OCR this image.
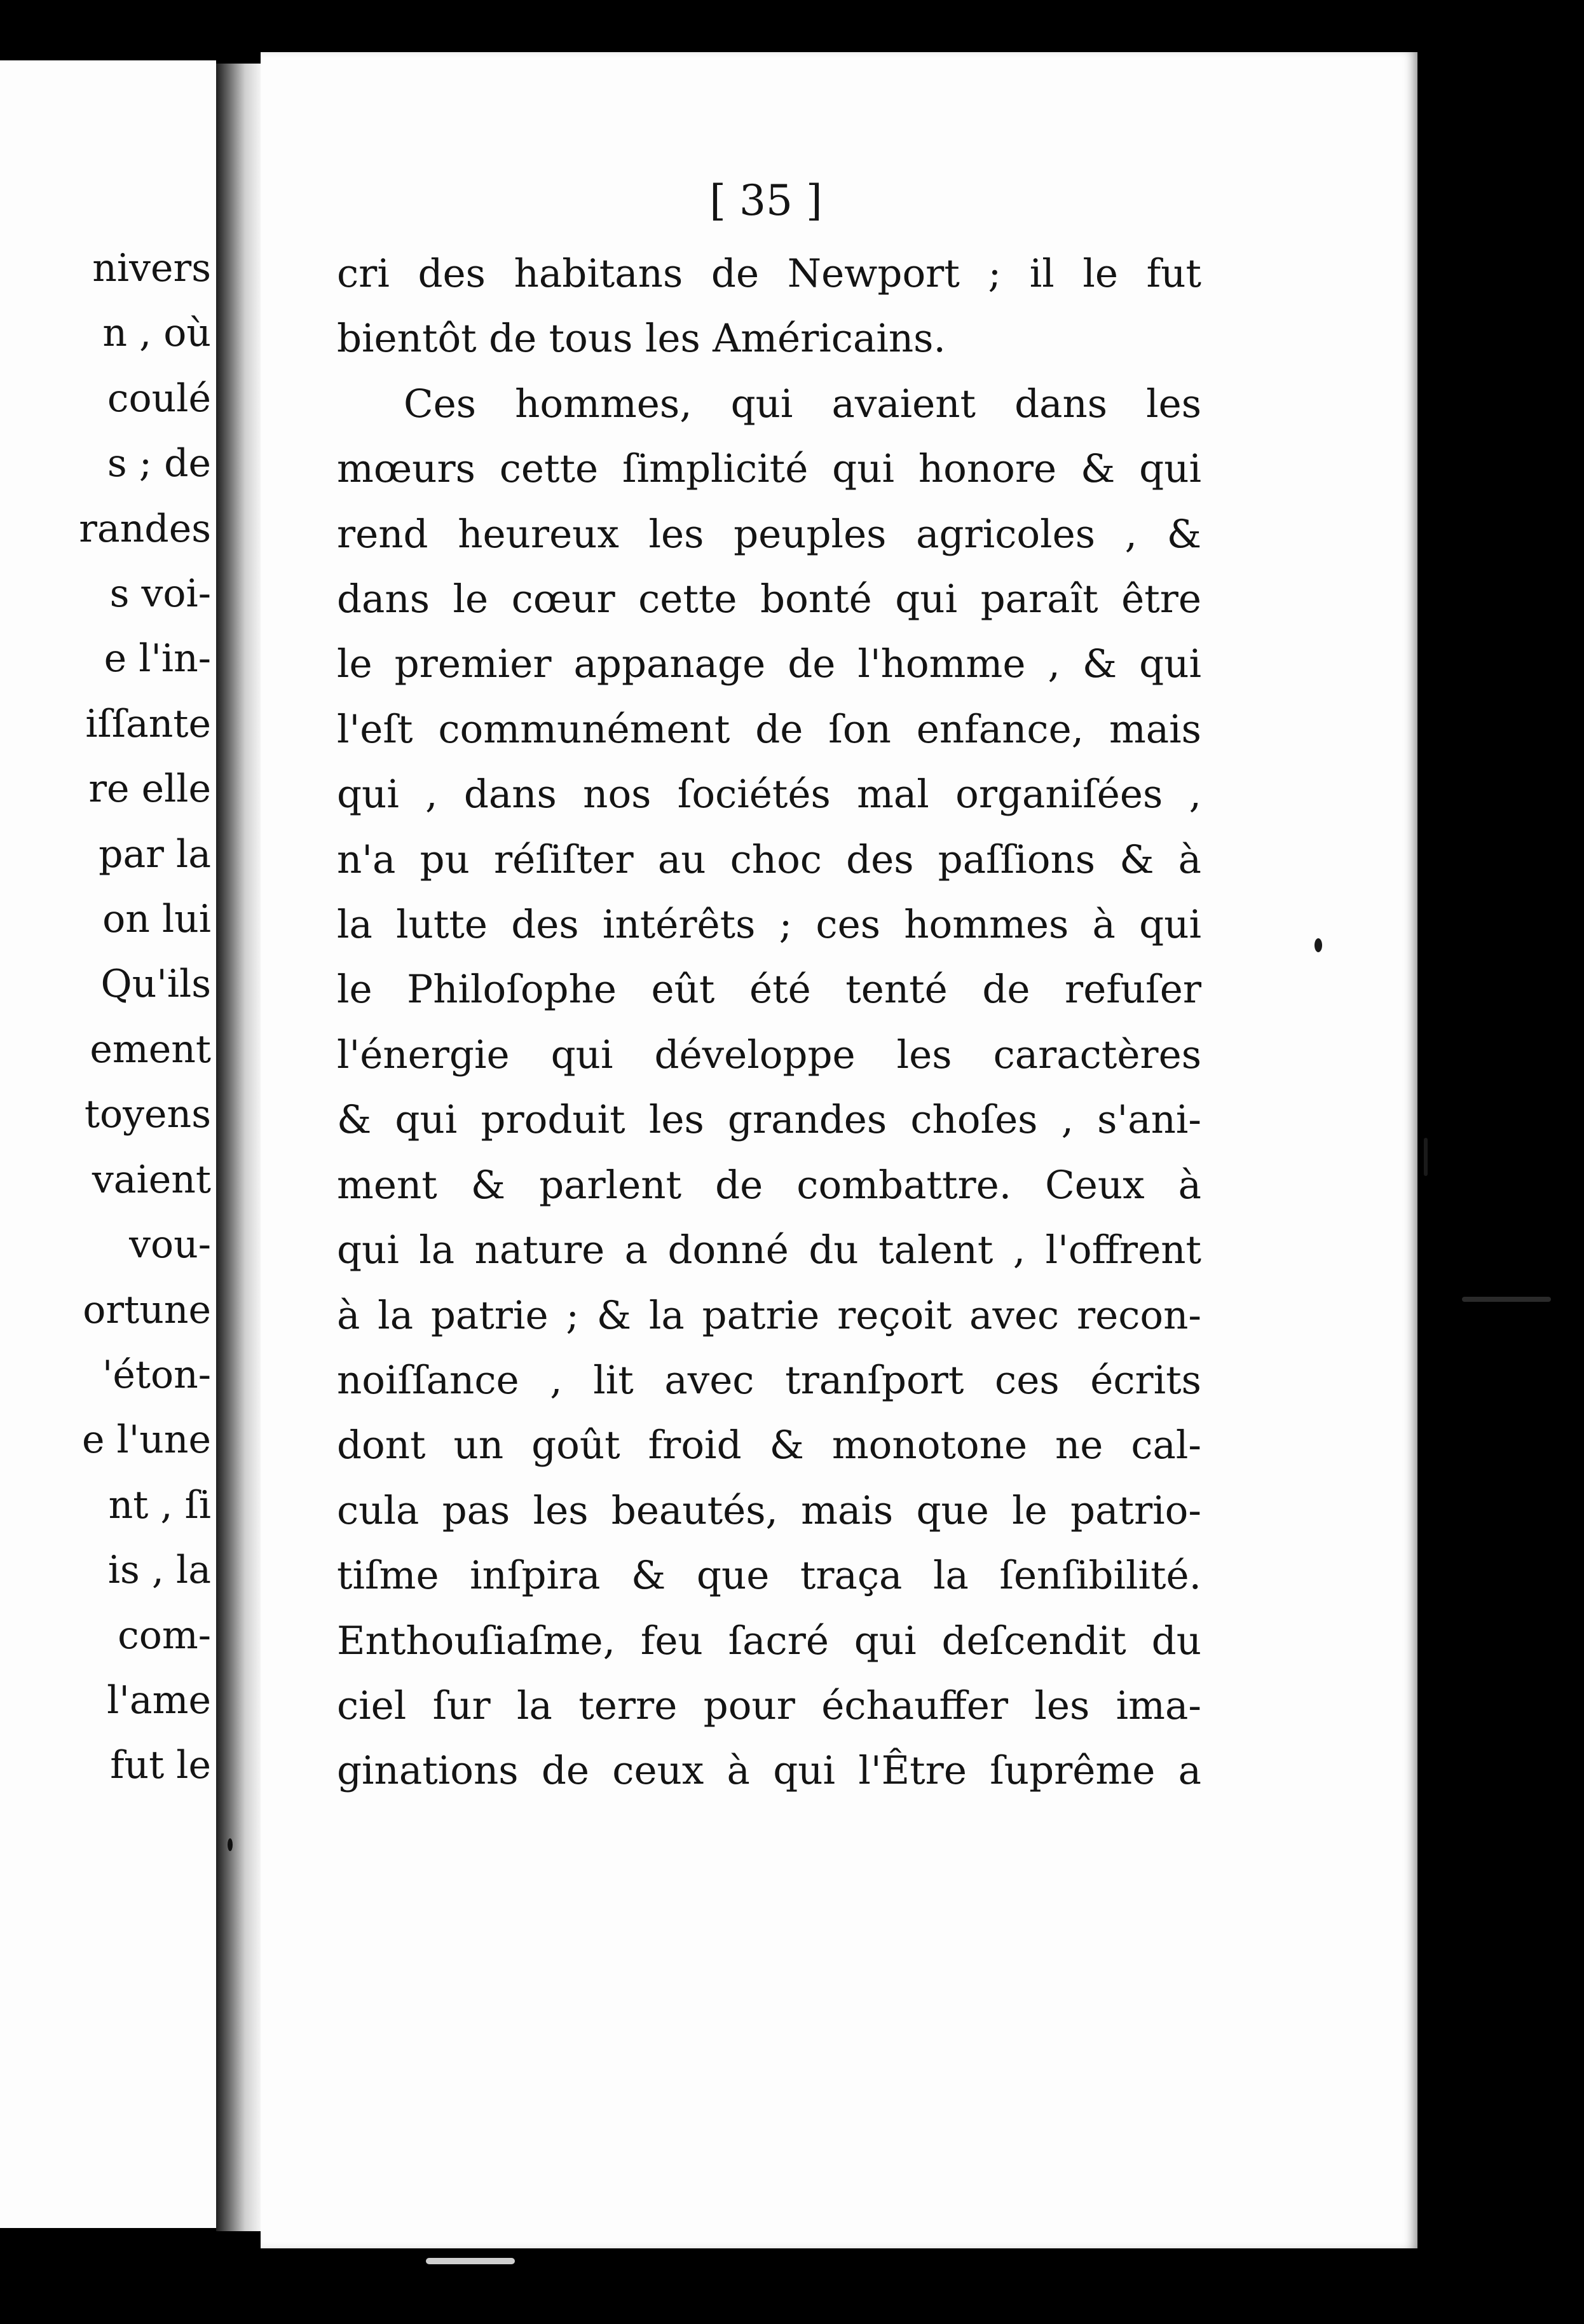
nivers
n , où
coulé
s ; de
randes
s voi-
e l'in-
iſſante
re elle
par la
on lui
Qu'ils
ement
toyens
vaient
vou-
ortune
'éton-
e l'une
nt , ſi
is , la
com-
l'ame
fut le
[ 35 ]
cri des habitans de Newport ; il le fut
bientôt de tous les Américains.
Ces hommes, qui avaient dans les
mœurs cette ſimplicité qui honore & qui
rend heureux les peuples agricoles , &
dans le cœur cette bonté qui paraît être
le premier appanage de l'homme , & qui
l'eſt communément de ſon enfance, mais
qui , dans nos ſociétés mal organiſées ,
n'a pu réſiſter au choc des paſſions & à
la lutte des intérêts ; ces hommes à qui
le Philoſophe eût été tenté de refuſer
l'énergie qui développe les caractères
& qui produit les grandes choſes , s'ani-
ment & parlent de combattre. Ceux à
qui la nature a donné du talent , l'offrent
à la patrie ; & la patrie reçoit avec recon-
noiſſance , lit avec tranſport ces écrits
dont un goût froid & monotone ne cal-
cula pas les beautés, mais que le patrio-
tiſme inſpira & que traça la ſenſibilité.
Enthouſiaſme, feu ſacré qui deſcendit du
ciel ſur la terre pour échauffer les ima-
ginations de ceux à qui l'Être ſuprême a
